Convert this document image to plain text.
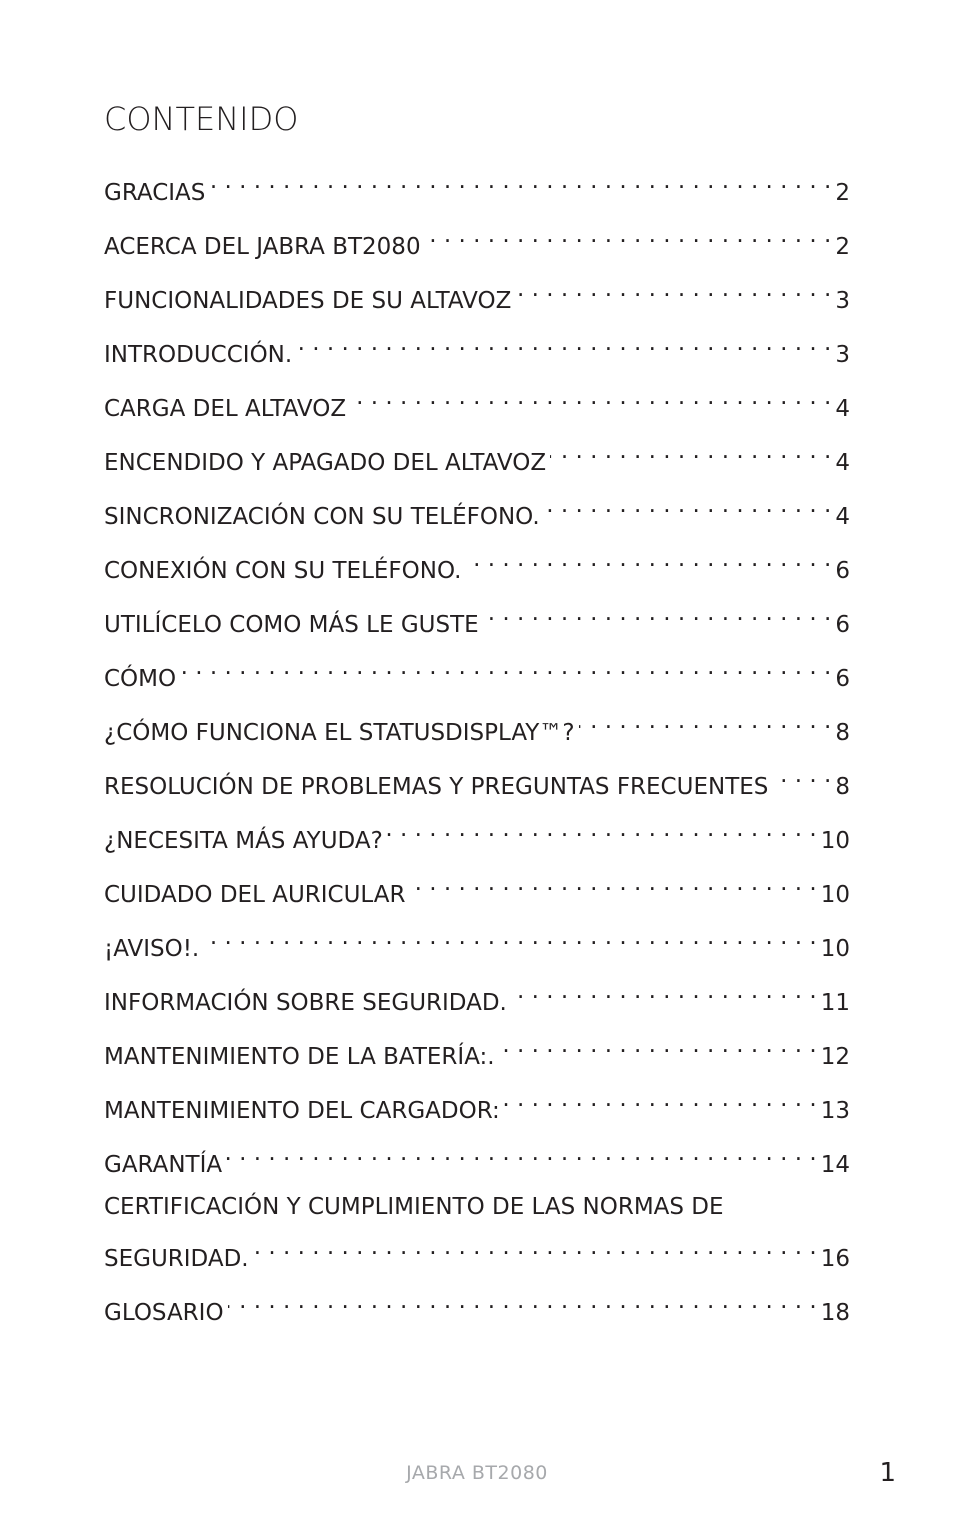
CONTENIDO
GRACIAS . . .	2
ACERCA DEL JABRA BT2080 . . .	2
FUNCIONALIDADES DE SU ALTAVOZ . . .	3
INTRODUCCIÓN. . . .	3
CARGA DEL ALTAVOZ . . .	4
ENCENDIDO Y APAGADO DEL ALTAVOZ . . .	4
SINCRONIZACIÓN CON SU TELÉFONO. . . .	4
CONEXIÓN CON SU TELÉFONO. . . .	6
UTILÍCELO COMO MÁS LE GUSTE . . .	6
CÓMO . . .	6
¿CÓMO FUNCIONA EL STATUSDISPLAY™? . . .	8
RESOLUCIÓN DE PROBLEMAS Y PREGUNTAS FRECUENTES . . .	8
¿NECESITA MÁS AYUDA? . . .	10
CUIDADO DEL AURICULAR . . .	10
¡AVISO!. . . .	10
INFORMACIÓN SOBRE SEGURIDAD. . . .	11
MANTENIMIENTO DE LA BATERÍA:. . . .	12
MANTENIMIENTO DEL CARGADOR: . . .	13
GARANTÍA . . .	14
CERTIFICACIÓN Y CUMPLIMIENTO DE LAS NORMAS DE
SEGURIDAD. . . .	16
GLOSARIO . . .	18
JABRA BT2080	1
